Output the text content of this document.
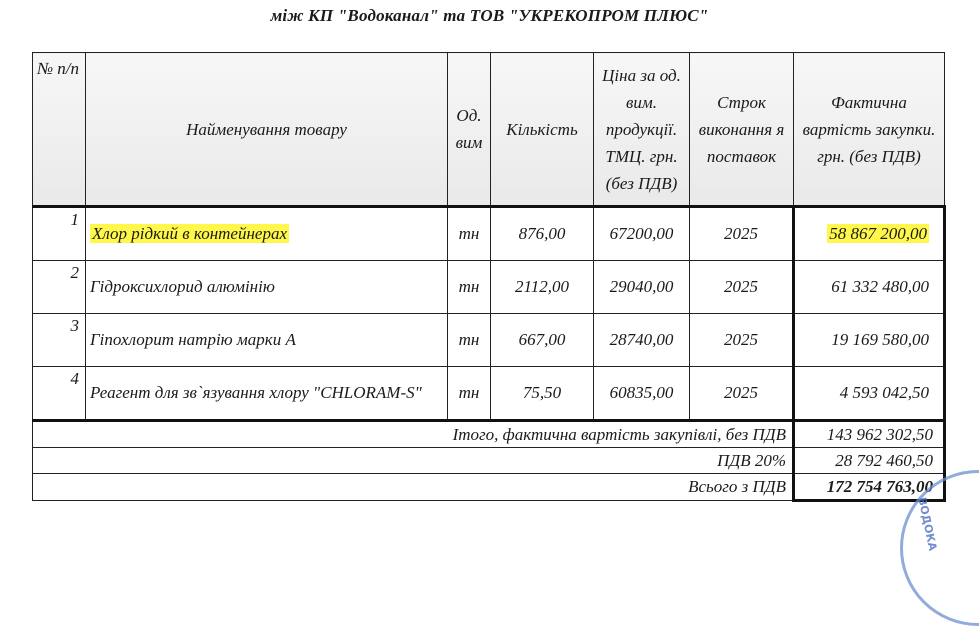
між КП "Водоканал" та ТОВ "УКРЕКОПРОМ ПЛЮС"
№ п/п	Найменування товару	Од. вим	Кількість	Ціна за од. вим. продукції. ТМЦ. грн.(без ПДВ)	Строк виконання я поставок	Фактична вартість закупки. грн. (без ПДВ)
1	Хлор рідкий в контейнерах	тн	876,00	67200,00	2025	58 867 200,00
2	Гідроксихлорид алюмінію	тн	2112,00	29040,00	2025	61 332 480,00
3	Гіпохлорит натрію марки А	тн	667,00	28740,00	2025	19 169 580,00
4	Реагент для зв`язування хлору "CHLORAM-S"	тн	75,50	60835,00	2025	4 593 042,50
Ітого, фактична вартість закупівлі, без ПДВ						143 962 302,50
ПДВ 20%						28 792 460,50
Всього з ПДВ						172 754 763,00
ВОДОКА
